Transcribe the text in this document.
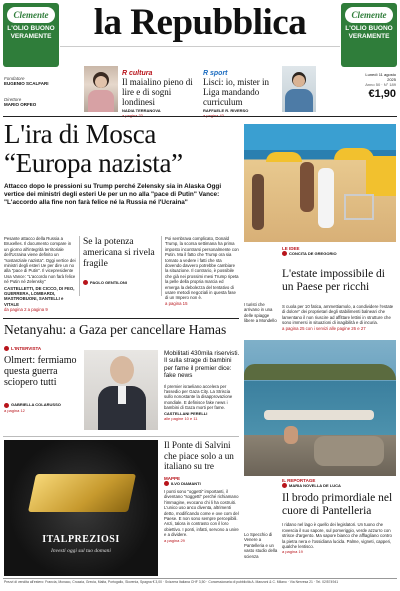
Clemente
L'OLIO BUONO
VERAMENTE
Clemente
L'OLIO BUONO
VERAMENTE
la Repubblica
Fondatore
EUGENIO SCALFARI
Direttore
MARIO ORFEO
R cultura
Il maialino pieno di lire e di sogni londinesi
NADIA TERRANOVA
R sport
Lisci: io, mister in Liga mandando curriculum
RAFFAELE R. RIVERSO
Lunedì 11 agosto 2025
Anno 50 · N° 189
€1,90
L'ira di Mosca “Europa nazista”
Attacco dopo le pressioni su Trump perché Zelensky sia in Alaska Oggi vertice dei ministri degli esteri Ue per un no alla "pace di Putin" Vance: "L'accordo alla fine non farà felice né la Russia né l'Ucraina"
Pesante attacco della Russia a Bruxelles. Il documento compare in un giorno all'integrità territoriale dell'Ucraina viene definito un "sostanziale nazista". Oggi vertice dei ministri degli esteri Ue per dire un no alla "pace di Putin". Il vicepresidente Usa Vance: "L'accordo non farà felice né Putin né Zelensky"
CASTELLETTI, DE CICCO, DI FEO, GUERRERA, LOMBARDI, MASTROBUONI, SANTELLI e VITALE
da pagina 2 a pagina 9
Se la potenza americana si rivela fragile
PAOLO GENTILONI
Poi sembrava complicato, Donald Trump, la scorsa settimana ha prima imposto incontrarsi personalmente con Putin. Ma il fatto che Trump ora sia tornato a vedere i fatti che sta dovendo davvero potrebbe cambiare la situazione. Il contrario, è possibile che già nei prossimi mesi Trump ripeta la pelle della propria marcia ed emerga la debolezza del tentativo di usare metodi negoziali in questa fase di un Impero non è.
a pagina 15	I turisti che arrivano in una delle spiagge libere a Mondello
LE IDEE
CONCITA DE GREGORIO
L'estate impossibile di un Paese per ricchi
S cuola per 10 fatica, ammettiamolo, a condividere l'estate di dolore" dei proprietari degli stabilimenti balneari che lamentano il non riuscire ad affittare lettini in strutture che sono immersi in situazioni di inagibilità e di incuria.
a pagina 25 con i servizi alle pagine 26 e 27
Netanyahu: a Gaza per cancellare Hamas
L'INTERVISTA
Olmert: fermiamo questa guerra sciopero tutti
GABRIELLA COLARUSSO
a pagina 12
Mobilitati 430mila riservisti. Il sulla strage di bambini per fame il premier dice: fake news
Il premier israeliano accelera per l'assedio per Gaza City. La Striscia sullo nonostante la disapprovazione mondiale. E definisce fake news i bambini di Gaza morti per fame.
CASTELLANI PERELLI
alle pagine 10 e 11
ITALPREZIOSI
Investi oggi sul tuo domani
Il Ponte di Salvini che piace solo a un italiano su tre
MAPPE
ILVO DIAMANTI
I ponti sono "oggetti" importanti, il diventano "soggetti" perché richiamano l'immagine, evocano chi li ha costruiti. L'unico uso anco diventa, altrimenti detto, modificando come e ove com del Paese. E non sono sempre percepibili. Anzi, talora in contrasto con il loro obiettivo. I ponti, infatti, servono a unire e a dividere.
a pagina 29
Lo Specchio di Venere a Pantelleria e un vasto studio della scienza
IL REPORTAGE
MARIA NOVELLA DE LUCA
Il brodo primordiale nel cuore di Pantelleria
I ridano nel lago è quello dei legislatori. Un tuono che rovescia il suo sapore, sul pomeriggio, verde azzurro con strisce d'argento. Ma sapore bianco che afflagliano contro la pietra nera e l'ossidiana lucida. Palme, vigneti, capperi, qualche lentisco.
a pagina 19
Prezzi di vendita all'estero: Francia, Monaco, Croazia, Grecia, Malta, Portogallo, Slovenia, Spagna € 3,00 · Svizzera Italiana CHF 3,50 · Concessionaria di pubblicità A. Manzoni & C. Milano · Via Nervesa 21 · Tel. 02/574941
